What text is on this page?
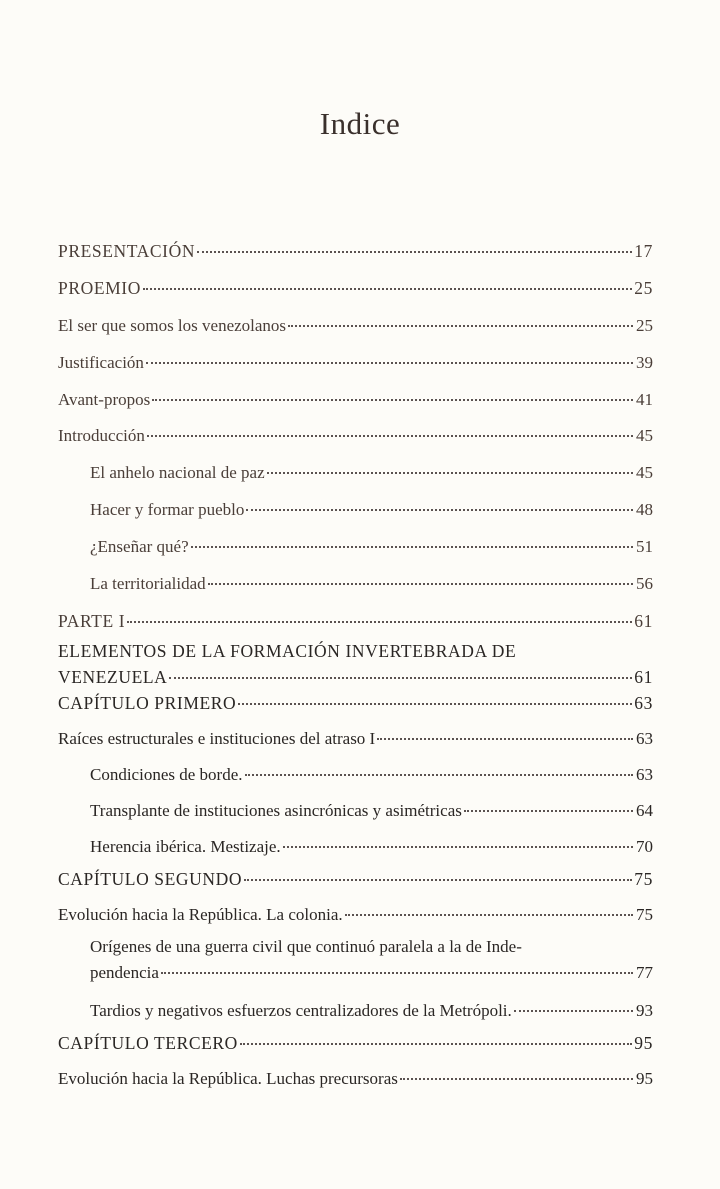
Indice
PRESENTACIÓN	17
PROEMIO	25
El ser que somos los venezolanos	25
Justificación	39
Avant-propos	41
Introducción	45
El anhelo nacional de paz	45
Hacer y formar pueblo	48
¿Enseñar qué?	51
La territorialidad	56
PARTE I	61
ELEMENTOS DE LA FORMACIÓN INVERTEBRADA DE
VENEZUELA	61
CAPÍTULO PRIMERO	63
Raíces estructurales e instituciones del atraso I	63
Condiciones de borde.	63
Transplante de instituciones asincrónicas y asimétricas	64
Herencia ibérica. Mestizaje.	70
CAPÍTULO SEGUNDO	75
Evolución hacia la República. La colonia.	75
Orígenes de una guerra civil que continuó paralela a la de Inde-
pendencia	77
Tardios y negativos esfuerzos centralizadores de la Metrópoli.	93
CAPÍTULO TERCERO	95
Evolución hacia la República. Luchas precursoras	95
